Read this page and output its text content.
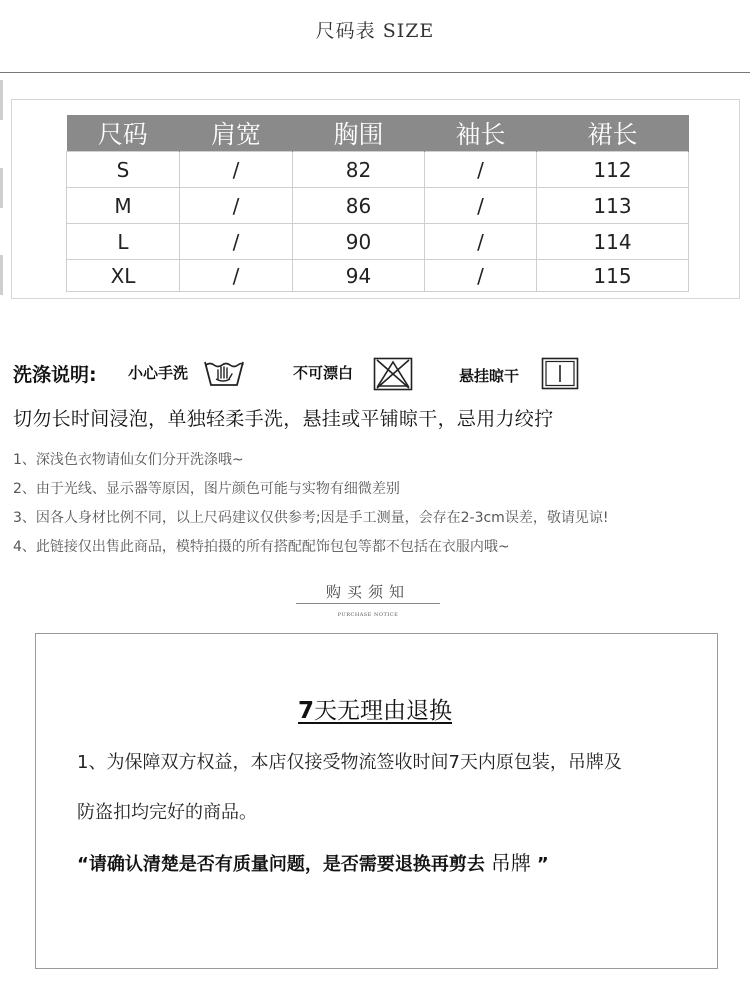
尺码表 SIZE
尺码	肩宽	胸围	袖长	裙长
S	/	82	/	112
M	/	86	/	113
L	/	90	/	114
XL	/	94	/	115
洗涤说明: 小心手洗	不可漂白	悬挂晾干
切勿长时间浸泡，单独轻柔手洗，悬挂或平铺晾干，忌用力绞拧
1、深浅色衣物请仙女们分开洗涤哦~
2、由于光线、显示器等原因，图片颜色可能与实物有细微差别
3、因各人身材比例不同，以上尺码建议仅供参考;因是手工测量，会存在2-3cm误差，敬请见谅!
4、此链接仅出售此商品，模特拍摄的所有搭配配饰包包等都不包括在衣服内哦~
购买须知
PURCHASE NOTICE
7天无理由退换
1、为保障双方权益，本店仅接受物流签收时间7天内原包装，吊牌及
防盗扣均完好的商品。
“请确认清楚是否有质量问题，是否需要退换再剪去 吊牌 ”
